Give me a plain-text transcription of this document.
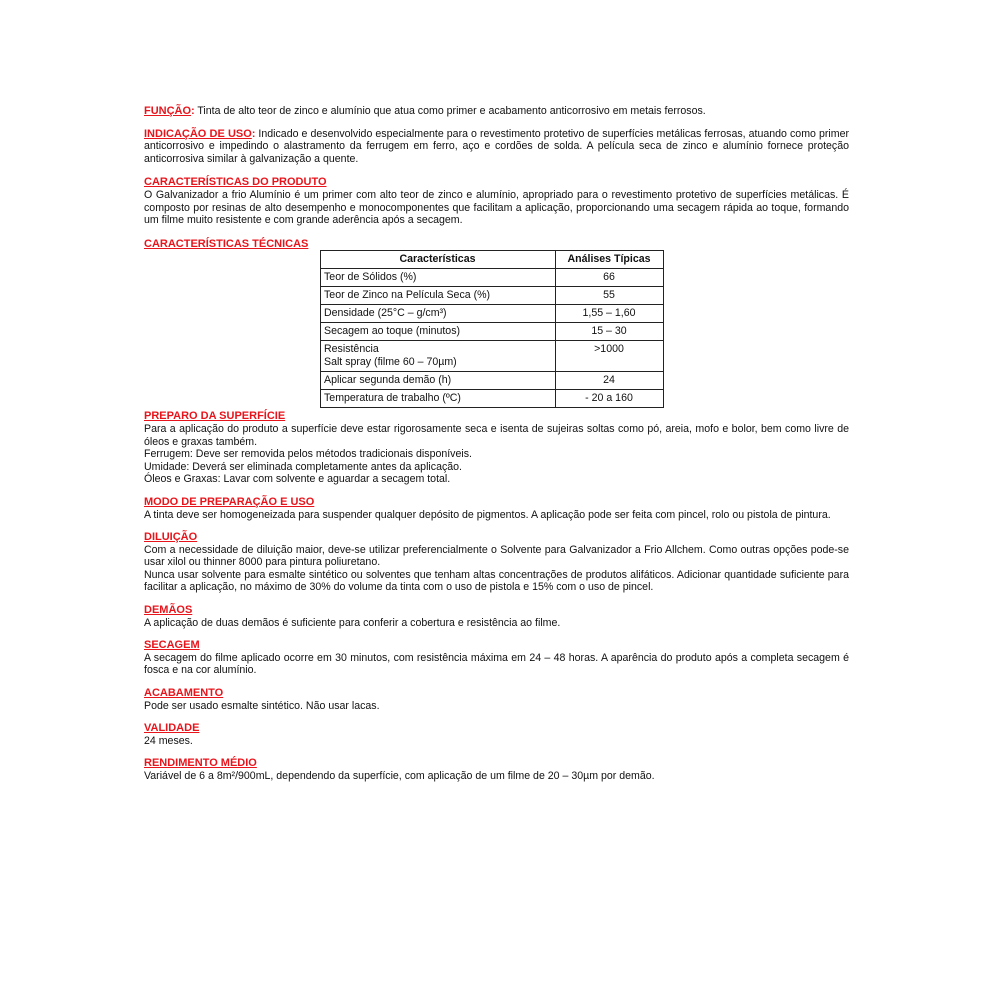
FUNÇÃO: Tinta de alto teor de zinco e alumínio que atua como primer e acabamento anticorrosivo em metais ferrosos.
INDICAÇÃO DE USO: Indicado e desenvolvido especialmente para o revestimento protetivo de superfícies metálicas ferrosas, atuando como primer anticorrosivo e impedindo o alastramento da ferrugem em ferro, aço e cordões de solda. A película seca de zinco e alumínio fornece proteção anticorrosiva similar à galvanização a quente.
CARACTERÍSTICAS DO PRODUTO
O Galvanizador a frio Alumínio é um primer com alto teor de zinco e alumínio, apropriado para o revestimento protetivo de superfícies metálicas. É composto por resinas de alto desempenho e monocomponentes que facilitam a aplicação, proporcionando uma secagem rápida ao toque, formando um filme muito resistente e com grande aderência após a secagem.
CARACTERÍSTICAS TÉCNICAS
Características	Análises Típicas
Teor de Sólidos (%)	66
Teor de Zinco na Película Seca (%)	55
Densidade (25°C – g/cm³)	1,55 – 1,60
Secagem ao toque (minutos)	15 – 30

Resistência
Salt spray (filme 60 – 70µm)	>1000
Aplicar segunda demão (h)	24
Temperatura de trabalho (ºC)	- 20 a 160
PREPARO DA SUPERFÍCIE
Para a aplicação do produto a superfície deve estar rigorosamente seca e isenta de sujeiras soltas como pó, areia, mofo e bolor, bem como livre de óleos e graxas também.
Ferrugem: Deve ser removida pelos métodos tradicionais disponíveis.
Umidade: Deverá ser eliminada completamente antes da aplicação.
Óleos e Graxas: Lavar com solvente e aguardar a secagem total.
MODO DE PREPARAÇÃO E USO
A tinta deve ser homogeneizada para suspender qualquer depósito de pigmentos. A aplicação pode ser feita com pincel, rolo ou pistola de pintura.
DILUIÇÃO
Com a necessidade de diluição maior, deve-se utilizar preferencialmente o Solvente para Galvanizador a Frio Allchem. Como outras opções pode-se usar xilol ou thinner 8000 para pintura poliuretano.
Nunca usar solvente para esmalte sintético ou solventes que tenham altas concentrações de produtos alifáticos. Adicionar quantidade suficiente para facilitar a aplicação, no máximo de 30% do volume da tinta com o uso de pistola e 15% com o uso de pincel.
DEMÃOS
A aplicação de duas demãos é suficiente para conferir a cobertura e resistência ao filme.
SECAGEM
A secagem do filme aplicado ocorre em 30 minutos, com resistência máxima em 24 – 48 horas. A aparência do produto após a completa secagem é fosca e na cor alumínio.
ACABAMENTO
Pode ser usado esmalte sintético. Não usar lacas.
VALIDADE
24 meses.
RENDIMENTO MÉDIO
Variável de 6 a 8m²/900mL, dependendo da superfície, com aplicação de um filme de 20 – 30µm por demão.
